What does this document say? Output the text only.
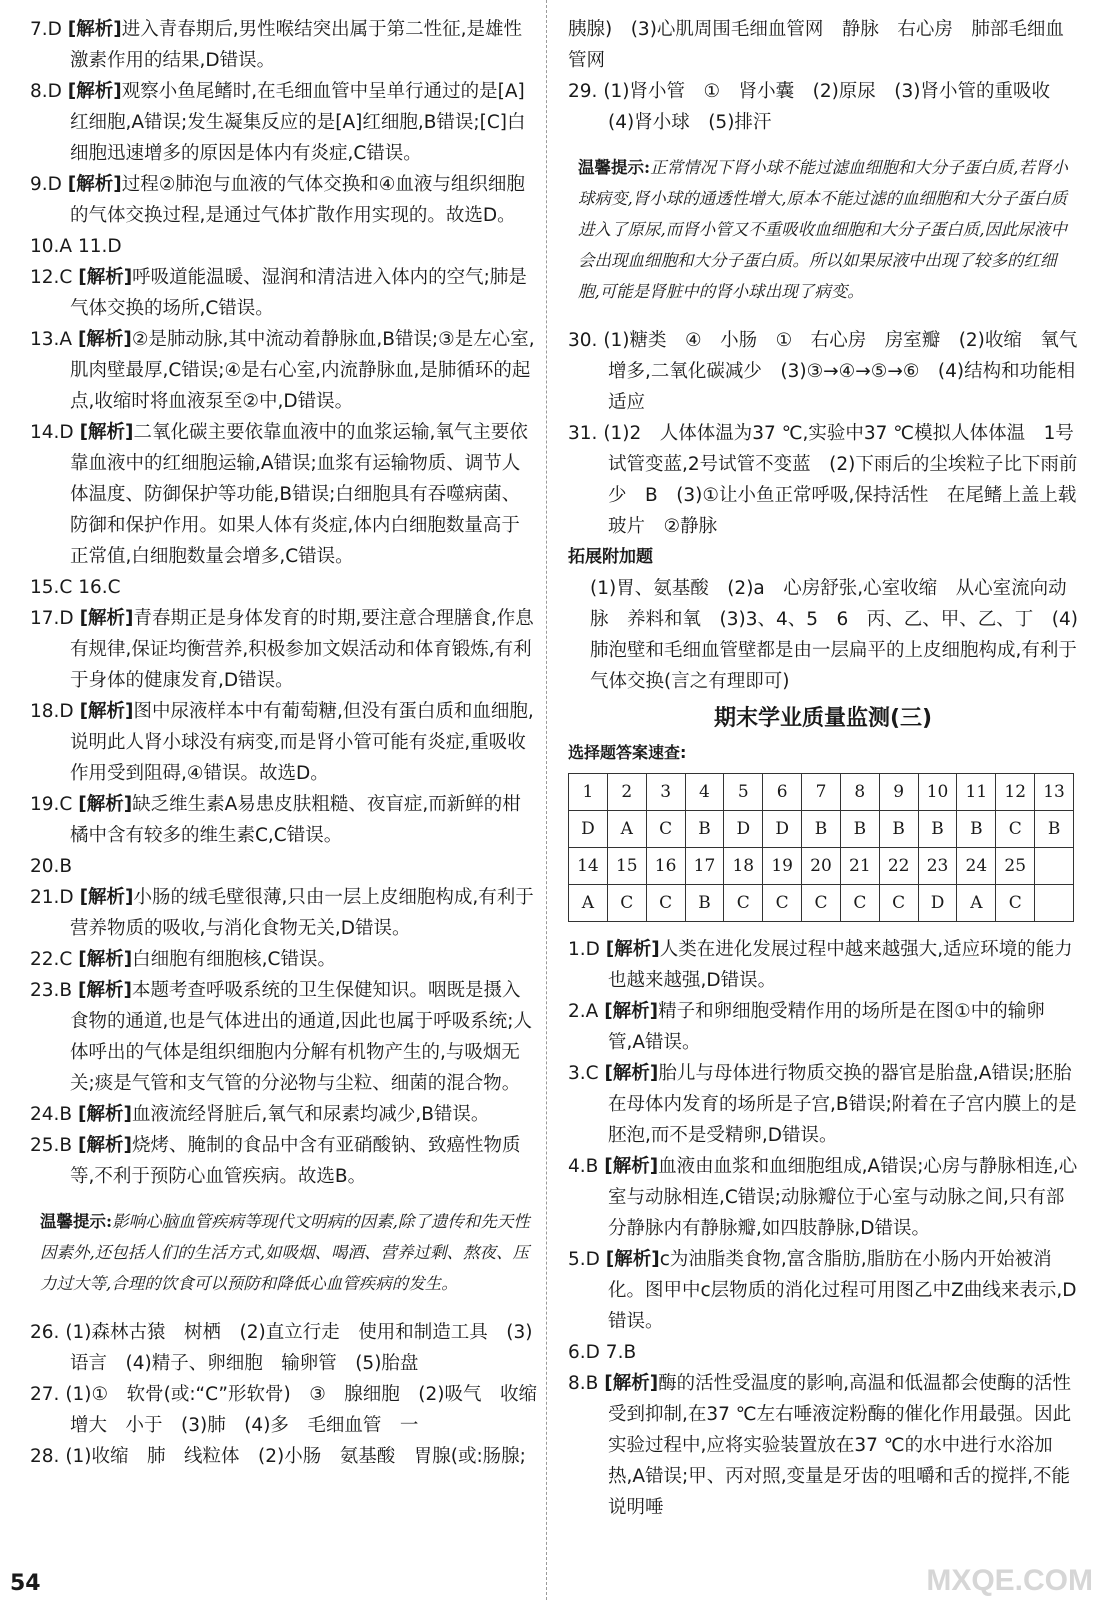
7.D [解析]进入青春期后,男性喉结突出属于第二性征,是雄性激素作用的结果,D错误。

8.D [解析]观察小鱼尾鳍时,在毛细血管中呈单行通过的是[A]红细胞,A错误;发生凝集反应的是[A]红细胞,B错误;[C]白细胞迅速增多的原因是体内有炎症,C错误。

9.D [解析]过程②肺泡与血液的气体交换和④血液与组织细胞的气体交换过程,是通过气体扩散作用实现的。故选D。

10.A 11.D

12.C [解析]呼吸道能温暖、湿润和清洁进入体内的空气;肺是气体交换的场所,C错误。

13.A [解析]②是肺动脉,其中流动着静脉血,B错误;③是左心室,肌肉壁最厚,C错误;④是右心室,内流静脉血,是肺循环的起点,收缩时将血液泵至②中,D错误。

14.D [解析]二氧化碳主要依靠血液中的血浆运输,氧气主要依靠血液中的红细胞运输,A错误;血浆有运输物质、调节人体温度、防御保护等功能,B错误;白细胞具有吞噬病菌、防御和保护作用。如果人体有炎症,体内白细胞数量高于正常值,白细胞数量会增多,C错误。

15.C 16.C

17.D [解析]青春期正是身体发育的时期,要注意合理膳食,作息有规律,保证均衡营养,积极参加文娱活动和体育锻炼,有利于身体的健康发育,D错误。

18.D [解析]图中尿液样本中有葡萄糖,但没有蛋白质和血细胞,说明此人肾小球没有病变,而是肾小管可能有炎症,重吸收作用受到阻碍,④错误。故选D。

19.C [解析]缺乏维生素A易患皮肤粗糙、夜盲症,而新鲜的柑橘中含有较多的维生素C,C错误。

20.B

21.D [解析]小肠的绒毛壁很薄,只由一层上皮细胞构成,有利于营养物质的吸收,与消化食物无关,D错误。

22.C [解析]白细胞有细胞核,C错误。

23.B [解析]本题考查呼吸系统的卫生保健知识。咽既是摄入食物的通道,也是气体进出的通道,因此也属于呼吸系统;人体呼出的气体是组织细胞内分解有机物产生的,与吸烟无关;痰是气管和支气管的分泌物与尘粒、细菌的混合物。

24.B [解析]血液流经肾脏后,氧气和尿素均减少,B错误。

25.B [解析]烧烤、腌制的食品中含有亚硝酸钠、致癌性物质等,不利于预防心血管疾病。故选B。

温馨提示:影响心脑血管疾病等现代文明病的因素,除了遗传和先天性因素外,还包括人们的生活方式,如吸烟、喝酒、营养过剩、熬夜、压力过大等,合理的饮食可以预防和降低心血管疾病的发生。

26. (1)森林古猿　树栖　(2)直立行走　使用和制造工具　(3)语言　(4)精子、卵细胞　输卵管　(5)胎盘

27. (1)①　软骨(或:“C”形软骨)　③　腺细胞　(2)吸气　收缩　增大　小于　(3)肺　(4)多　毛细血管　一

28. (1)收缩　肺　线粒体　(2)小肠　氨基酸　胃腺(或:肠腺;

胰腺)　(3)心肌周围毛细血管网　静脉　右心房　肺部毛细血管网

29. (1)肾小管　①　肾小囊　(2)原尿　(3)肾小管的重吸收　(4)肾小球　(5)排汗

温馨提示:正常情况下肾小球不能过滤血细胞和大分子蛋白质,若肾小球病变,肾小球的通透性增大,原本不能过滤的血细胞和大分子蛋白质进入了原尿,而肾小管又不重吸收血细胞和大分子蛋白质,因此尿液中会出现血细胞和大分子蛋白质。所以如果尿液中出现了较多的红细胞,可能是肾脏中的肾小球出现了病变。

30. (1)糖类　④　小肠　①　右心房　房室瓣　(2)收缩　氧气增多,二氧化碳减少　(3)③→④→⑤→⑥　(4)结构和功能相适应

31. (1)2　人体体温为37 ℃,实验中37 ℃模拟人体体温　1号试管变蓝,2号试管不变蓝　(2)下雨后的尘埃粒子比下雨前少　B　(3)①让小鱼正常呼吸,保持活性　在尾鳍上盖上载玻片　②静脉

拓展附加题

(1)胃、氨基酸　(2)a　心房舒张,心室收缩　从心室流向动脉　养料和氧　(3)3、4、5　6　丙、乙、甲、乙、丁　(4)肺泡壁和毛细血管壁都是由一层扁平的上皮细胞构成,有利于气体交换(言之有理即可)

期末学业质量监测(三)
选择题答案速查:
1	2	3	4	5	6	7	8	9	10	11	12	13
D	A	C	B	D	D	B	B	B	B	B	C	B
14	15	16	17	18	19	20	21	22	23	24	25	
A	C	C	B	C	C	C	C	C	D	A	C	

1.D [解析]人类在进化发展过程中越来越强大,适应环境的能力也越来越强,D错误。

2.A [解析]精子和卵细胞受精作用的场所是在图①中的输卵管,A错误。

3.C [解析]胎儿与母体进行物质交换的器官是胎盘,A错误;胚胎在母体内发育的场所是子宫,B错误;附着在子宫内膜上的是胚泡,而不是受精卵,D错误。

4.B [解析]血液由血浆和血细胞组成,A错误;心房与静脉相连,心室与动脉相连,C错误;动脉瓣位于心室与动脉之间,只有部分静脉内有静脉瓣,如四肢静脉,D错误。

5.D [解析]c为油脂类食物,富含脂肪,脂肪在小肠内开始被消化。图甲中c层物质的消化过程可用图乙中Z曲线来表示,D错误。

6.D 7.B

8.B [解析]酶的活性受温度的影响,高温和低温都会使酶的活性受到抑制,在37 ℃左右唾液淀粉酶的催化作用最强。因此实验过程中,应将实验装置放在37 ℃的水中进行水浴加热,A错误;甲、丙对照,变量是牙齿的咀嚼和舌的搅拌,不能说明唾

54	MXQE.COM
